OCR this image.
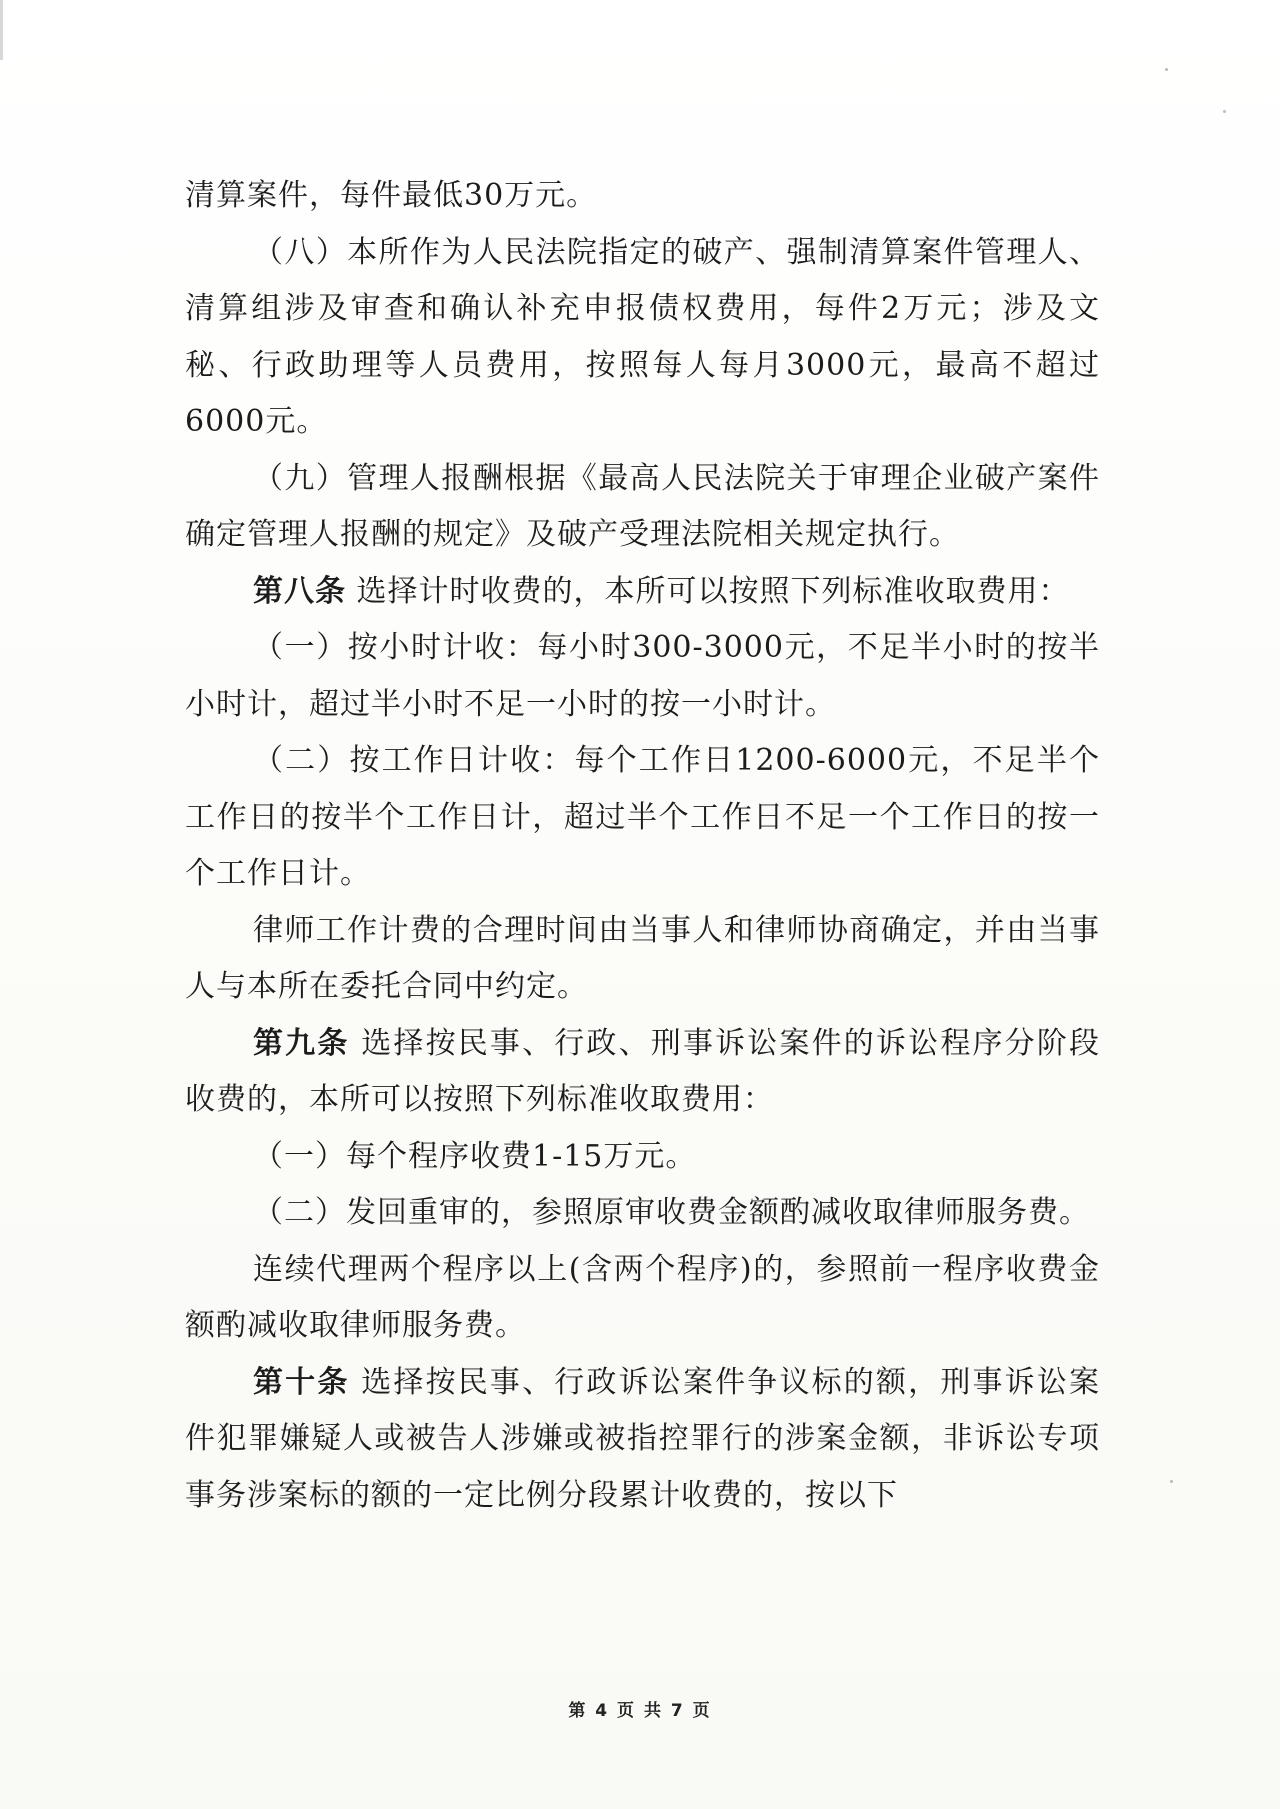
清算案件，每件最低30万元。

（八）本所作为人民法院指定的破产、强制清算案件管理人、清算组涉及审查和确认补充申报债权费用，每件2万元；涉及文秘、行政助理等人员费用，按照每人每月3000元，最高不超过6000元。

（九）管理人报酬根据《最高人民法院关于审理企业破产案件确定管理人报酬的规定》及破产受理法院相关规定执行。

第八条 选择计时收费的，本所可以按照下列标准收取费用：

（一）按小时计收：每小时300-3000元，不足半小时的按半小时计，超过半小时不足一小时的按一小时计。

（二）按工作日计收：每个工作日1200-6000元，不足半个工作日的按半个工作日计，超过半个工作日不足一个工作日的按一个工作日计。

律师工作计费的合理时间由当事人和律师协商确定，并由当事人与本所在委托合同中约定。

第九条 选择按民事、行政、刑事诉讼案件的诉讼程序分阶段收费的，本所可以按照下列标准收取费用：

（一）每个程序收费1-15万元。

（二）发回重审的，参照原审收费金额酌减收取律师服务费。

连续代理两个程序以上(含两个程序)的，参照前一程序收费金额酌减收取律师服务费。

第十条 选择按民事、行政诉讼案件争议标的额，刑事诉讼案件犯罪嫌疑人或被告人涉嫌或被指控罪行的涉案金额，非诉讼专项事务涉案标的额的一定比例分段累计收费的，按以下

第 4 页 共 7 页
